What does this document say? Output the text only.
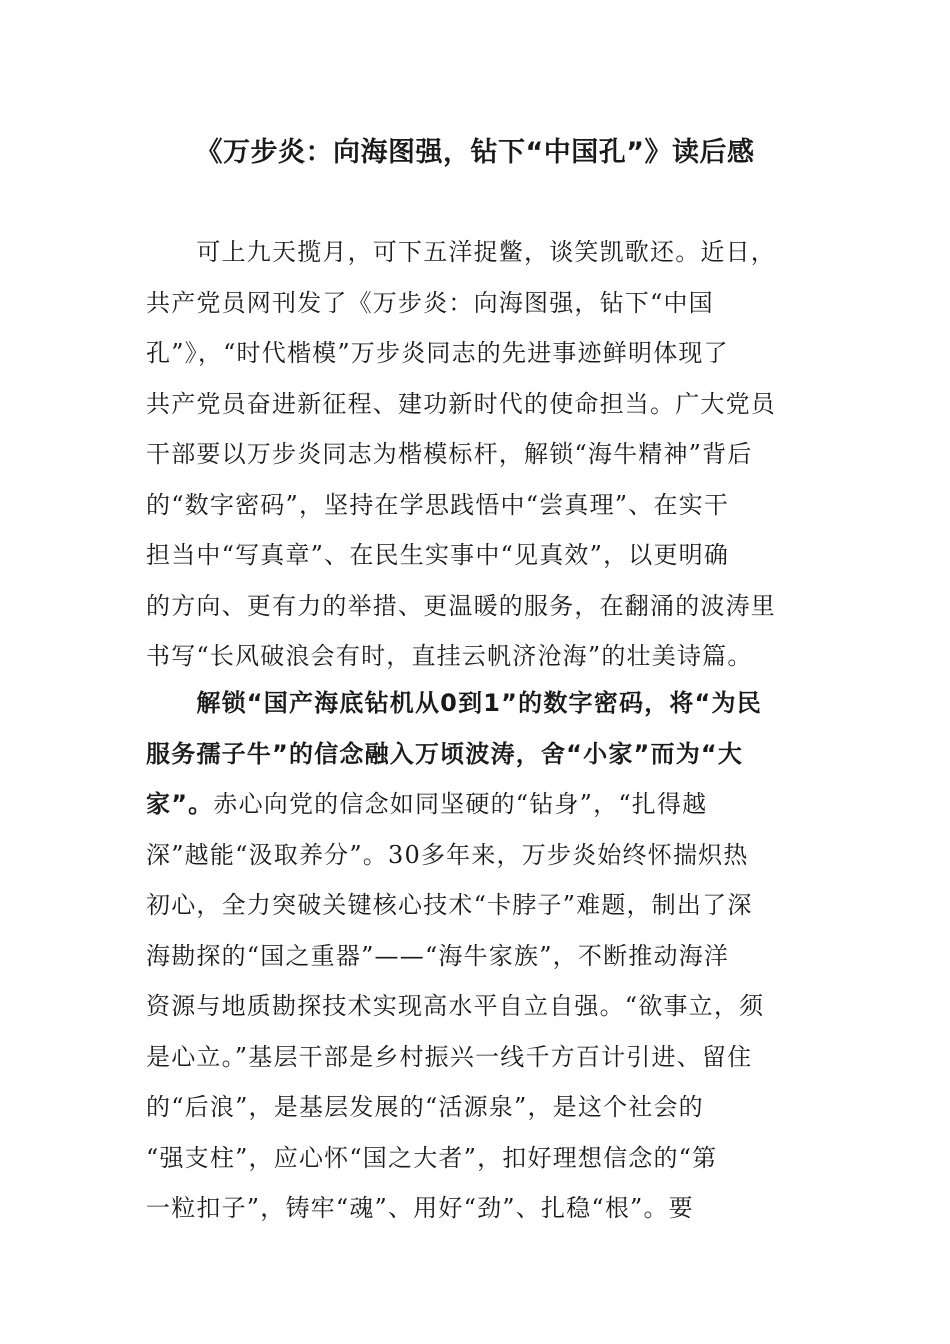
《万步炎：向海图强，钻下“中国孔”》读后感
　　可上九天揽月，可下五洋捉鳖，谈笑凯歌还。近日，
共产党员网刊发了《万步炎：向海图强，钻下“中国
孔”》，“时代楷模”万步炎同志的先进事迹鲜明体现了
共产党员奋进新征程、建功新时代的使命担当。广大党员
干部要以万步炎同志为楷模标杆，解锁“海牛精神”背后
的“数字密码”，坚持在学思践悟中“尝真理”、在实干
担当中“写真章”、在民生实事中“见真效”，以更明确
的方向、更有力的举措、更温暖的服务，在翻涌的波涛里
书写“长风破浪会有时，直挂云帆济沧海”的壮美诗篇。
　　解锁“国产海底钻机从0到1”的数字密码，将“为民
服务孺子牛”的信念融入万顷波涛，舍“小家”而为“大
家”。赤心向党的信念如同坚硬的“钻身”，“扎得越
深”越能“汲取养分”。30多年来，万步炎始终怀揣炽热
初心，全力突破关键核心技术“卡脖子”难题，制出了深
海勘探的“国之重器”——“海牛家族”，不断推动海洋
资源与地质勘探技术实现高水平自立自强。“欲事立，须
是心立。”基层干部是乡村振兴一线千方百计引进、留住
的“后浪”，是基层发展的“活源泉”，是这个社会的
“强支柱”，应心怀“国之大者”，扣好理想信念的“第
一粒扣子”，铸牢“魂”、用好“劲”、扎稳“根”。要
